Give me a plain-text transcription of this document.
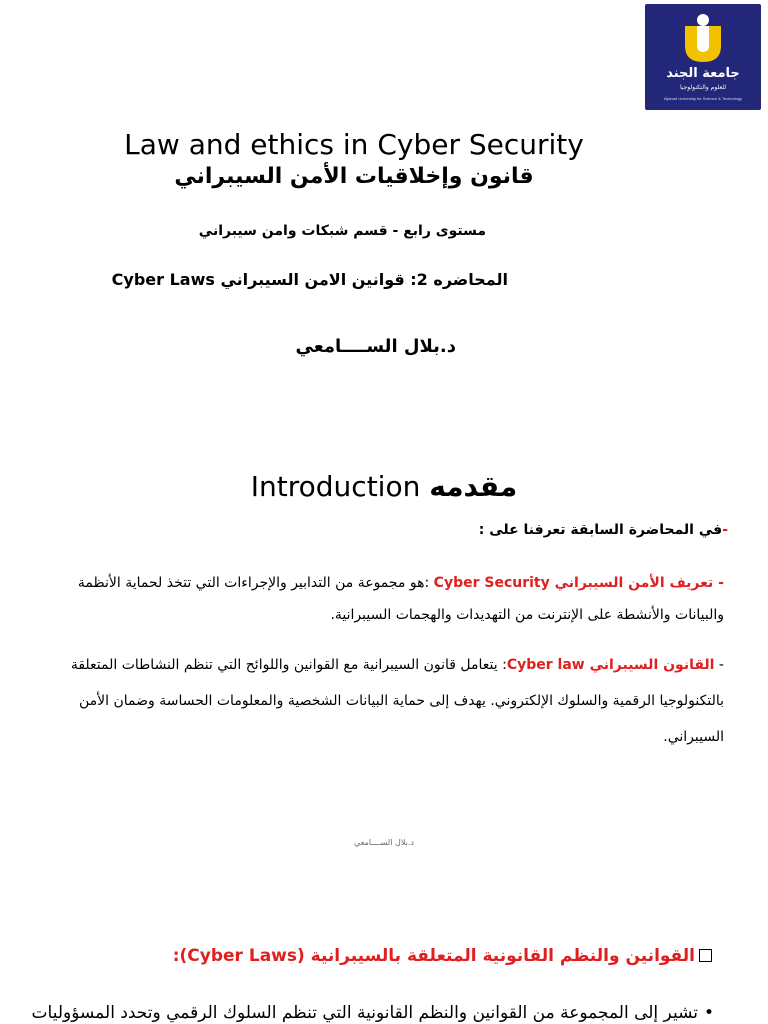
جامعة الجند
للعلوم والتكنولوجيا
Aljanad University for Science & Technology
Law and ethics in Cyber Security
قانون وإخلاقيات الأمن السيبراني
مستوى رابع - قسم شبكات وامن سيبراني
المحاضره 2: قوانين الامن السيبراني Cyber Laws
د.بلال الســــامعي
Introduction مقدمه
-في المحاضرة السابقة تعرفنا على :
- تعريف الأمن السيبراني Cyber Security :هو مجموعة من التدابير والإجراءات التي تتخذ لحماية الأنظمة والبيانات والأنشطة على الإنترنت من التهديدات والهجمات السيبرانية.
- القانون السيبراني Cyber law: يتعامل قانون السيبرانية مع القوانين واللوائح التي تنظم النشاطات المتعلقة بالتكنولوجيا الرقمية والسلوك الإلكتروني. يهدف إلى حماية البيانات الشخصية والمعلومات الحساسة وضمان الأمن السيبراني.
د.بلال الســــامعي
القوانين والنظم القانونية المتعلقة بالسيبرانية (Cyber Laws):
•تشير إلى المجموعة من القوانين والنظم القانونية التي تنظم السلوك الرقمي وتحدد المسؤوليات
